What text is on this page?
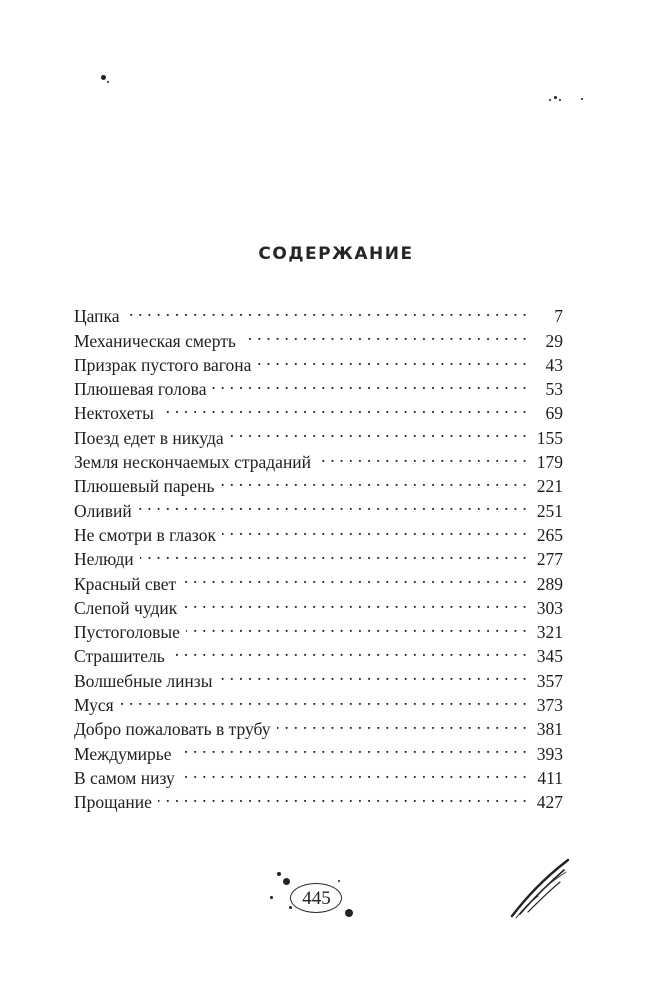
СОДЕРЖАНИЕ
Цапка . . .	7
Механическая смерть . . .	29
Призрак пустого вагона . . .	43
Плюшевая голова . . .	53
Нектохеты . . .	69
Поезд едет в никуда . . .	155
Земля нескончаемых страданий . . .	179
Плюшевый парень . . .	221
Оливий . . .	251
Не смотри в глазок . . .	265
Нелюди . . .	277
Красный свет . . .	289
Слепой чудик . . .	303
Пустоголовые . . .	321
Страшитель . . .	345
Волшебные линзы . . .	357
Муся . . .	373
Добро пожаловать в трубу . . .	381
Междумирье . . .	393
В самом низу . . .	411
Прощание . . .	427
445
